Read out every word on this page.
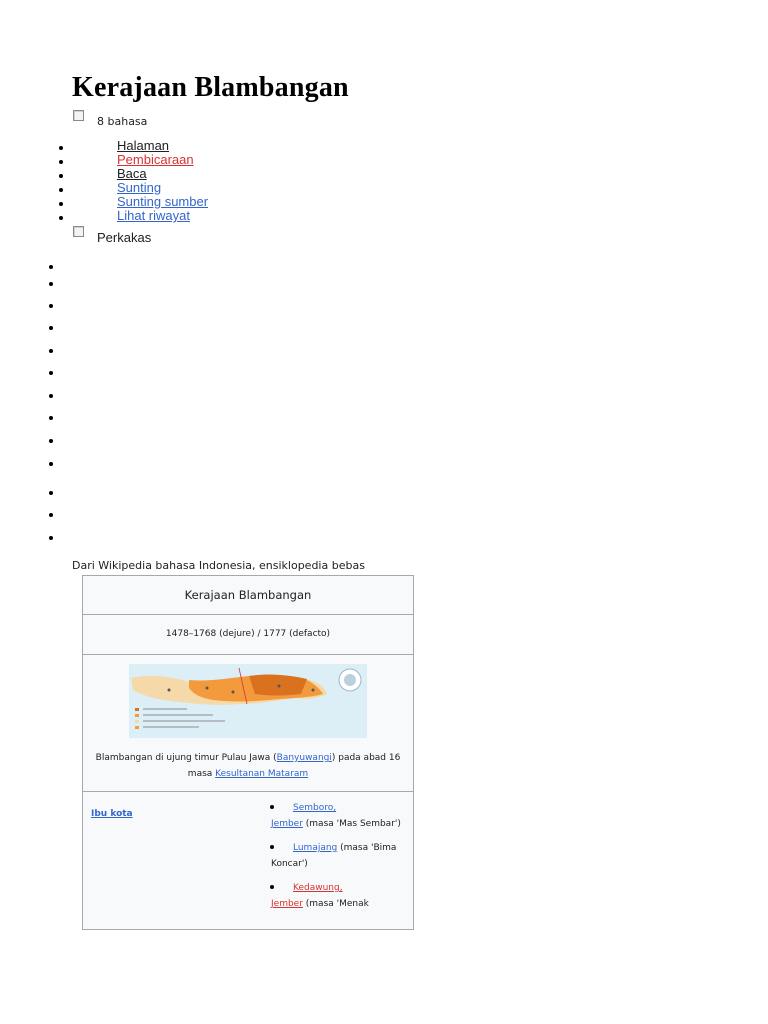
Kerajaan Blambangan
8 bahasa
Halaman
Pembicaraan
Baca
Sunting
Sunting sumber
Lihat riwayat
Perkakas
Dari Wikipedia bahasa Indonesia, ensiklopedia bebas
Kerajaan Blambangan
1478–1768 (dejure) / 1777 (defacto)
Blambangan di ujung timur Pulau Jawa (Banyuwangi) pada abad 16 masa Kesultanan Mataram
Ibu kota
Semboro,
Jember (masa 'Mas Sembar')
Lumajang (masa 'Bima Koncar')
Kedawung,
Jember (masa 'Menak
